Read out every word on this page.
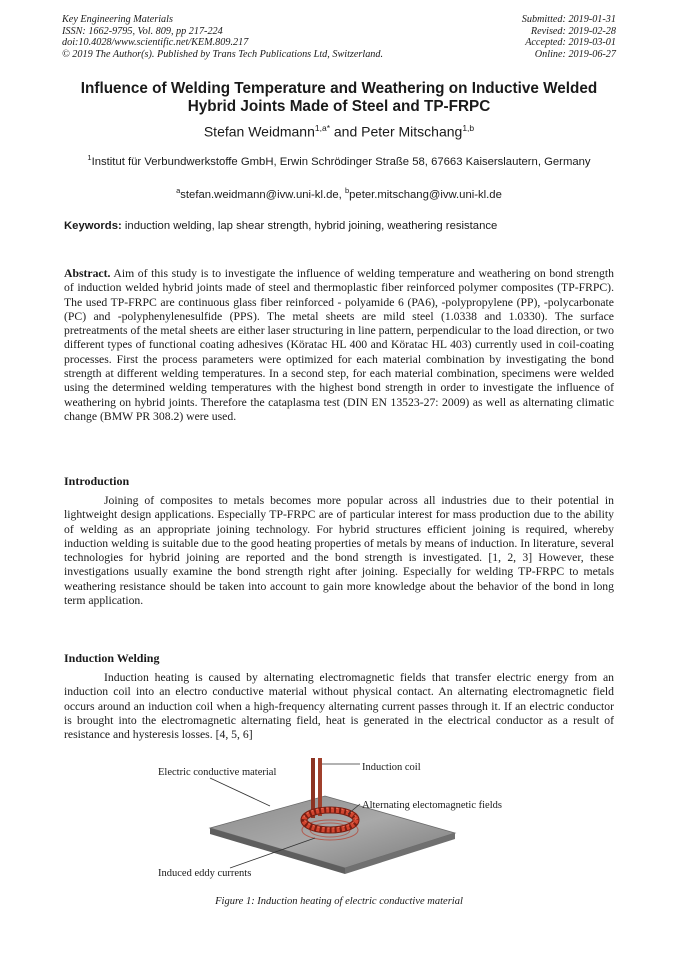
Key Engineering Materials
ISSN: 1662-9795, Vol. 809, pp 217-224
doi:10.4028/www.scientific.net/KEM.809.217
© 2019 The Author(s). Published by Trans Tech Publications Ltd, Switzerland.
Submitted: 2019-01-31
Revised: 2019-02-28
Accepted: 2019-03-01
Online: 2019-06-27
Influence of Welding Temperature and Weathering on Inductive Welded Hybrid Joints Made of Steel and TP-FRPC
Stefan Weidmann$^{1,a*}$ and Peter Mitschang$^{1,b}$
$^1$Institut für Verbundwerkstoffe GmbH, Erwin Schrödinger Straße 58, 67663 Kaiserslautern, Germany
$^a$stefan.weidmann@ivw.uni-kl.de, $^b$peter.mitschang@ivw.uni-kl.de
Keywords: induction welding, lap shear strength, hybrid joining, weathering resistance
Abstract. Aim of this study is to investigate the influence of welding temperature and weathering on bond strength of induction welded hybrid joints made of steel and thermoplastic fiber reinforced polymer composites (TP-FRPC). The used TP-FRPC are continuous glass fiber reinforced - polyamide 6 (PA6), -polypropylene (PP), -polycarbonate (PC) and -polyphenylenesulfide (PPS). The metal sheets are mild steel (1.0338 and 1.0330). The surface pretreatments of the metal sheets are either laser structuring in line pattern, perpendicular to the load direction, or two different types of functional coating adhesives (Köratac HL 400 and Köratac HL 403) currently used in coil-coating processes. First the process parameters were optimized for each material combination by investigating the bond strength at different welding temperatures. In a second step, for each material combination, specimens were welded using the determined welding temperatures with the highest bond strength in order to investigate the influence of weathering on hybrid joints. Therefore the cataplasma test (DIN EN 13523-27: 2009) as well as alternating climatic change (BMW PR 308.2) were used.
Introduction
Joining of composites to metals becomes more popular across all industries due to their potential in lightweight design applications. Especially TP-FRPC are of particular interest for mass production due to the ability of welding as an appropriate joining technology. For hybrid structures efficient joining is required, whereby induction welding is suitable due to the good heating properties of metals by means of induction. In literature, several technologies for hybrid joining are reported and the bond strength is investigated. [1, 2, 3] However, these investigations usually examine the bond strength right after joining. Especially for welding TP-FRPC to metals weathering resistance should be taken into account to gain more knowledge about the behavior of the bond in long term application.
Induction Welding
Induction heating is caused by alternating electromagnetic fields that transfer electric energy from an induction coil into an electro conductive material without physical contact. An alternating electromagnetic field occurs around an induction coil when a high-frequency alternating current passes through it. If an electric conductor is brought into the electromagnetic alternating field, heat is generated in the electrical conductor as a result of resistance and hysteresis losses. [4, 5, 6]
Electric conductive material	Induction coil
Alternating electomagnetic fields
Induced eddy currents
Figure 1: Induction heating of electric conductive material
